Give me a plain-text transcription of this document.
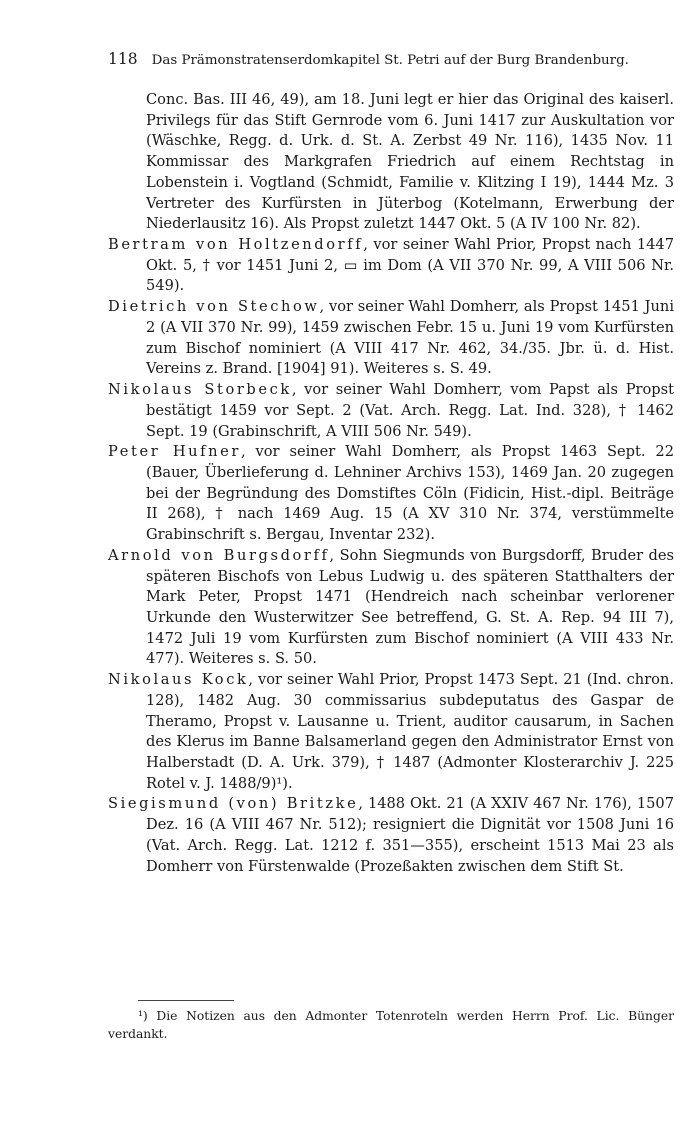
118 Das Prämonstratenserdomkapitel St. Petri auf der Burg Brandenburg.

Conc. Bas. III 46, 49), am 18. Juni legt er hier das Original des kaiserl. Privilegs für das Stift Gernrode vom 6. Juni 1417 zur Auskultation vor (Wäschke, Regg. d. Urk. d. St. A. Zerbst 49 Nr. 116), 1435 Nov. 11 Kommissar des Markgrafen Friedrich auf einem Rechtstag in Lobenstein i. Vogtland (Schmidt, Familie v. Klitzing I 19), 1444 Mz. 3 Vertreter des Kurfürsten in Jüterbog (Kotelmann, Erwerbung der Niederlausitz 16). Als Propst zuletzt 1447 Okt. 5 (A IV 100 Nr. 82).

Bertram von Holtzendorff, vor seiner Wahl Prior, Propst nach 1447 Okt. 5, † vor 1451 Juni 2, ▭ im Dom (A VII 370 Nr. 99, A VIII 506 Nr. 549).

Dietrich von Stechow, vor seiner Wahl Domherr, als Propst 1451 Juni 2 (A VII 370 Nr. 99), 1459 zwischen Febr. 15 u. Juni 19 vom Kurfürsten zum Bischof nominiert (A VIII 417 Nr. 462, 34./35. Jbr. ü. d. Hist. Vereins z. Brand. [1904] 91). Weiteres s. S. 49.

Nikolaus Storbeck, vor seiner Wahl Domherr, vom Papst als Propst bestätigt 1459 vor Sept. 2 (Vat. Arch. Regg. Lat. Ind. 328), † 1462 Sept. 19 (Grabinschrift, A VIII 506 Nr. 549).

Peter Hufner, vor seiner Wahl Domherr, als Propst 1463 Sept. 22 (Bauer, Überlieferung d. Lehniner Archivs 153), 1469 Jan. 20 zugegen bei der Begründung des Domstiftes Cöln (Fidicin, Hist.-dipl. Beiträge II 268), † nach 1469 Aug. 15 (A XV 310 Nr. 374, verstümmelte Grabinschrift s. Bergau, Inventar 232).

Arnold von Burgsdorff, Sohn Siegmunds von Burgsdorff, Bruder des späteren Bischofs von Lebus Ludwig u. des späteren Statthalters der Mark Peter, Propst 1471 (Hendreich nach scheinbar verlorener Urkunde den Wusterwitzer See betreffend, G. St. A. Rep. 94 III 7), 1472 Juli 19 vom Kurfürsten zum Bischof nominiert (A VIII 433 Nr. 477). Weiteres s. S. 50.

Nikolaus Kock, vor seiner Wahl Prior, Propst 1473 Sept. 21 (Ind. chron. 128), 1482 Aug. 30 commissarius subdeputatus des Gaspar de Theramo, Propst v. Lausanne u. Trient, auditor causarum, in Sachen des Klerus im Banne Balsamerland gegen den Administrator Ernst von Halberstadt (D. A. Urk. 379), † 1487 (Admonter Klosterarchiv J. 225 Rotel v. J. 1488/9)¹).

Siegismund (von) Britzke, 1488 Okt. 21 (A XXIV 467 Nr. 176), 1507 Dez. 16 (A VIII 467 Nr. 512); resigniert die Dignität vor 1508 Juni 16 (Vat. Arch. Regg. Lat. 1212 f. 351—355), erscheint 1513 Mai 23 als Domherr von Fürstenwalde (Prozeßakten zwischen dem Stift St.

¹) Die Notizen aus den Admonter Totenroteln werden Herrn Prof. Lic. Bünger verdankt.
